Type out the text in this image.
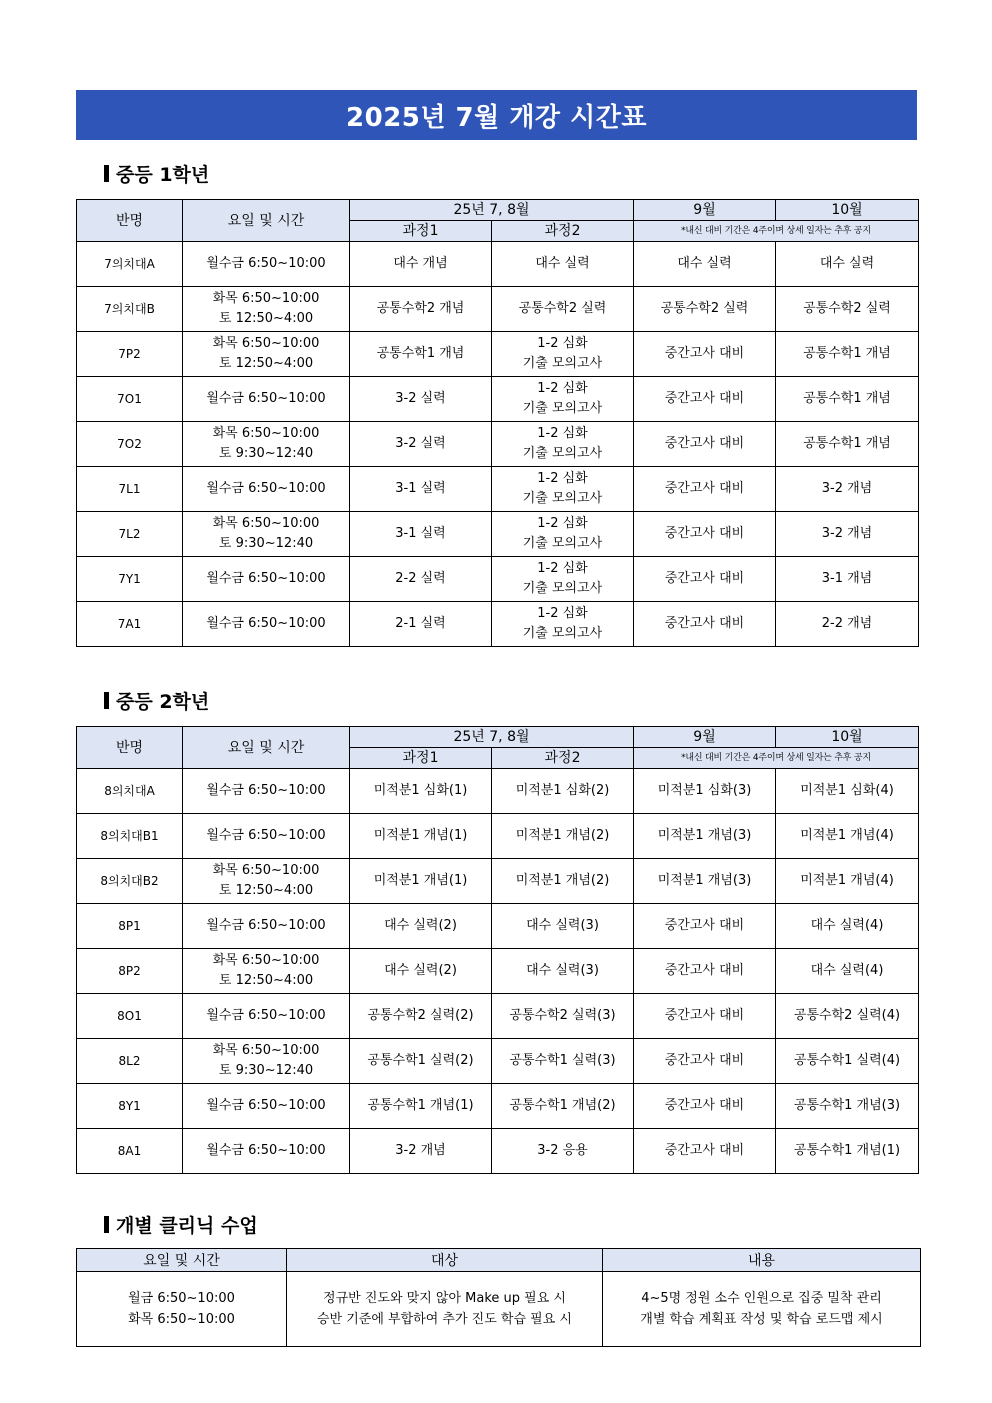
2025년 7월 개강 시간표
중등 1학년
반명	요일 및 시간	25년 7, 8월		9월	10월
		과정1	과정2	*내신 대비 기간은 4주이며 상세 일자는 추후 공지	

7의치대A	월수금 6:50~10:00	대수 개념	대수 실력	대수 실력	대수 실력

7의치대B	화목 6:50~10:00
토 12:50~4:00	공통수학2 개념	공통수학2 실력	공통수학2 실력	공통수학2 실력

7P2	화목 6:50~10:00
토 12:50~4:00	공통수학1 개념	1-2 심화
기출 모의고사	중간고사 대비	공통수학1 개념

7O1	월수금 6:50~10:00	3-2 실력	1-2 심화
기출 모의고사	중간고사 대비	공통수학1 개념

7O2	화목 6:50~10:00
토 9:30~12:40	3-2 실력	1-2 심화
기출 모의고사	중간고사 대비	공통수학1 개념

7L1	월수금 6:50~10:00	3-1 실력	1-2 심화
기출 모의고사	중간고사 대비	3-2 개념

7L2	화목 6:50~10:00
토 9:30~12:40	3-1 실력	1-2 심화
기출 모의고사	중간고사 대비	3-2 개념

7Y1	월수금 6:50~10:00	2-2 실력	1-2 심화
기출 모의고사	중간고사 대비	3-1 개념

7A1	월수금 6:50~10:00	2-1 실력	1-2 심화
기출 모의고사	중간고사 대비	2-2 개념
중등 2학년
반명	요일 및 시간	25년 7, 8월		9월	10월
		과정1	과정2	*내신 대비 기간은 4주이며 상세 일자는 추후 공지	

8의치대A	월수금 6:50~10:00	미적분1 심화(1)	미적분1 심화(2)	미적분1 심화(3)	미적분1 심화(4)

8의치대B1	월수금 6:50~10:00	미적분1 개념(1)	미적분1 개념(2)	미적분1 개념(3)	미적분1 개념(4)

8의치대B2	화목 6:50~10:00
토 12:50~4:00	미적분1 개념(1)	미적분1 개념(2)	미적분1 개념(3)	미적분1 개념(4)

8P1	월수금 6:50~10:00	대수 실력(2)	대수 실력(3)	중간고사 대비	대수 실력(4)

8P2	화목 6:50~10:00
토 12:50~4:00	대수 실력(2)	대수 실력(3)	중간고사 대비	대수 실력(4)

8O1	월수금 6:50~10:00	공통수학2 실력(2)	공통수학2 실력(3)	중간고사 대비	공통수학2 실력(4)

8L2	화목 6:50~10:00
토 9:30~12:40	공통수학1 실력(2)	공통수학1 실력(3)	중간고사 대비	공통수학1 실력(4)

8Y1	월수금 6:50~10:00	공통수학1 개념(1)	공통수학1 개념(2)	중간고사 대비	공통수학1 개념(3)

8A1	월수금 6:50~10:00	3-2 개념	3-2 응용	중간고사 대비	공통수학1 개념(1)
개별 클리닉 수업
요일 및 시간	대상	내용

월금 6:50~10:00
화목 6:50~10:00	정규반 진도와 맞지 않아 Make up 필요 시
승반 기준에 부합하여 추가 진도 학습 필요 시	4~5명 정원 소수 인원으로 집중 밀착 관리
개별 학습 계획표 작성 및 학습 로드맵 제시
